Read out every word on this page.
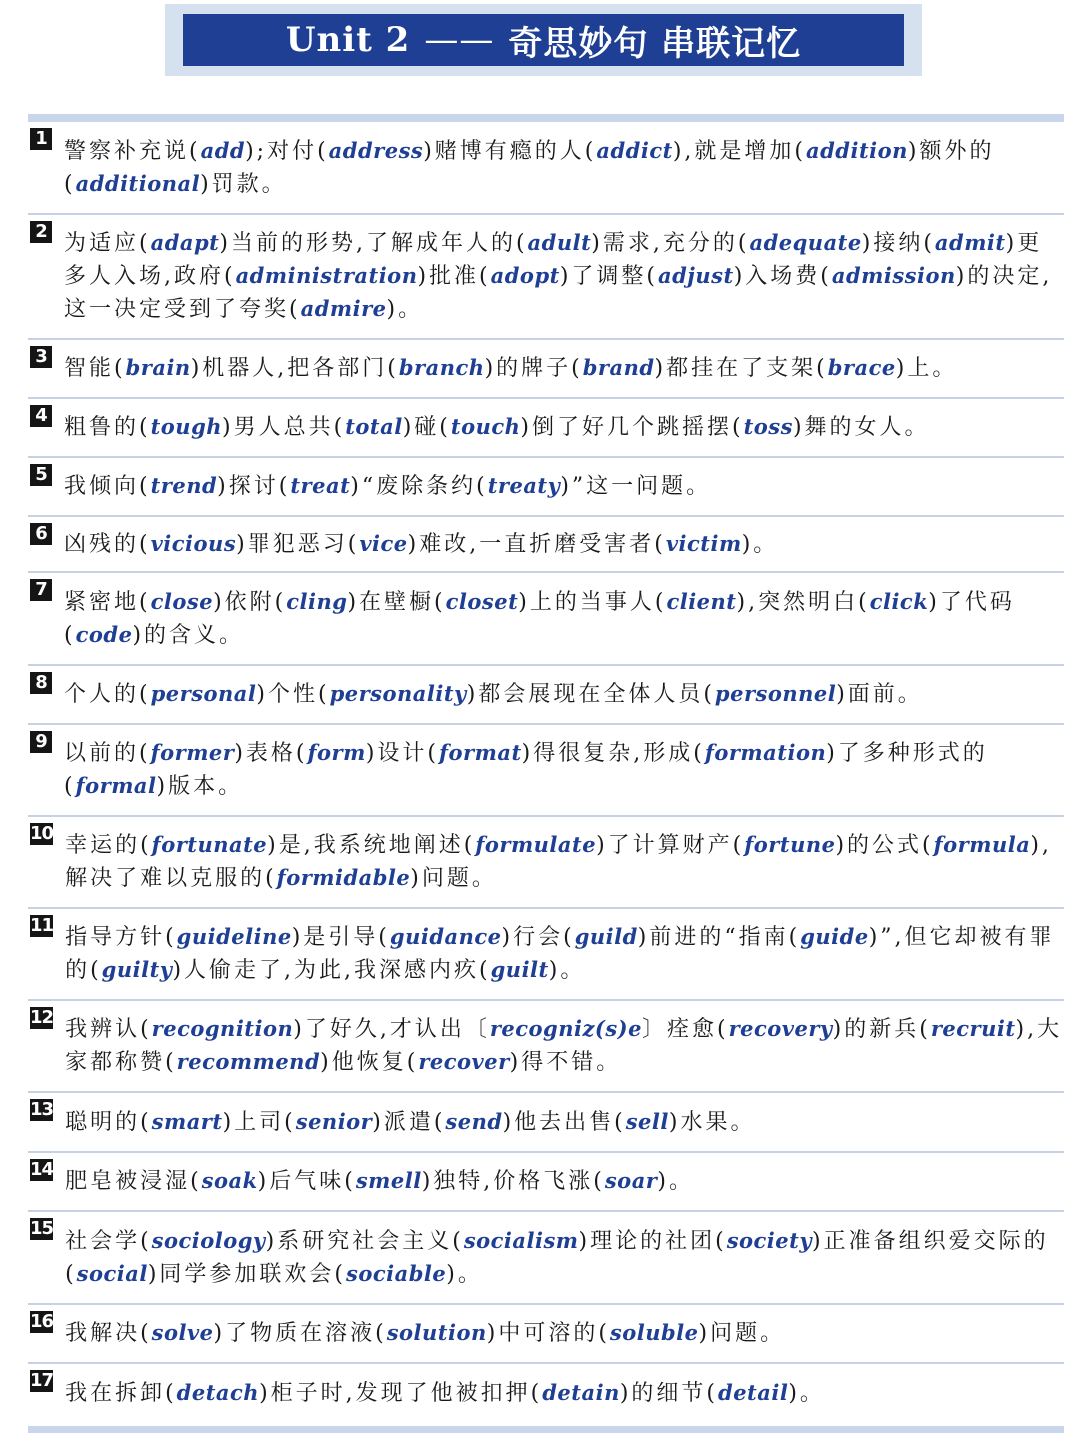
Unit 2 —— 奇思妙句 串联记忆
1 警察补充说(add);对付(address)赌博有瘾的人(addict),就是增加(addition)额外的(additional)罚款。
2 为适应(adapt)当前的形势,了解成年人的(adult)需求,充分的(adequate)接纳(admit)更多人入场,政府(administration)批准(adopt)了调整(adjust)入场费(admission)的决定,这一决定受到了夸奖(admire)。
3 智能(brain)机器人,把各部门(branch)的牌子(brand)都挂在了支架(brace)上。
4 粗鲁的(tough)男人总共(total)碰(touch)倒了好几个跳摇摆(toss)舞的女人。
5 我倾向(trend)探讨(treat)“废除条约(treaty)”这一问题。
6 凶残的(vicious)罪犯恶习(vice)难改,一直折磨受害者(victim)。
7 紧密地(close)依附(cling)在壁橱(closet)上的当事人(client),突然明白(click)了代码(code)的含义。
8 个人的(personal)个性(personality)都会展现在全体人员(personnel)面前。
9 以前的(former)表格(form)设计(format)得很复杂,形成(formation)了多种形式的(formal)版本。
10 幸运的(fortunate)是,我系统地阐述(formulate)了计算财产(fortune)的公式(formula),解决了难以克服的(formidable)问题。
11 指导方针(guideline)是引导(guidance)行会(guild)前进的“指南(guide)”,但它却被有罪的(guilty)人偷走了,为此,我深感内疚(guilt)。
12 我辨认(recognition)了好久,才认出〔recogniz(s)e〕痊愈(recovery)的新兵(recruit),大家都称赞(recommend)他恢复(recover)得不错。
13 聪明的(smart)上司(senior)派遣(send)他去出售(sell)水果。
14 肥皂被浸湿(soak)后气味(smell)独特,价格飞涨(soar)。
15 社会学(sociology)系研究社会主义(socialism)理论的社团(society)正准备组织爱交际的(social)同学参加联欢会(sociable)。
16 我解决(solve)了物质在溶液(solution)中可溶的(soluble)问题。
17
我在拆卸(detach)柜子时,发现了他被扣押(detain)的细节(detail)。
